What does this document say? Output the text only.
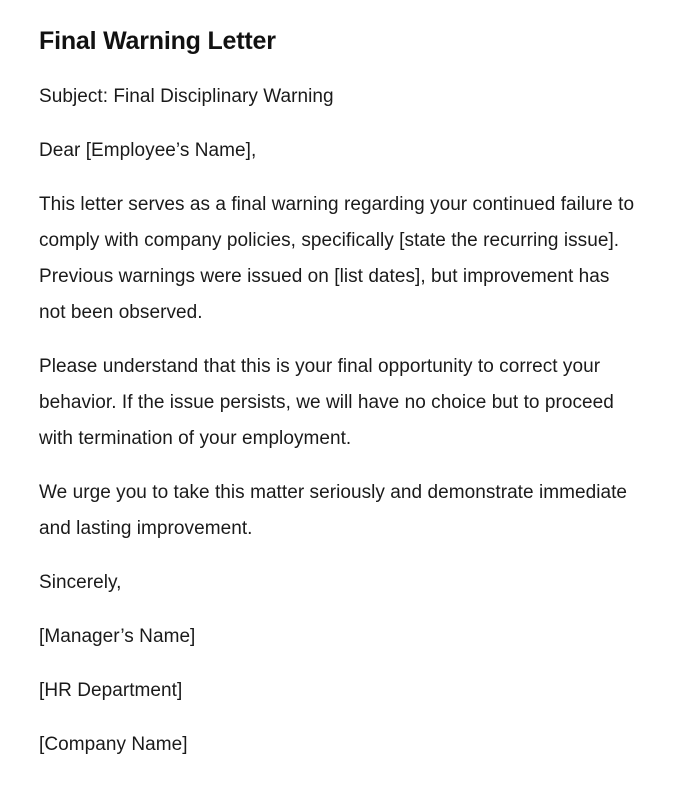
Final Warning Letter

Subject: Final Disciplinary Warning

Dear [Employee’s Name],

This letter serves as a final warning regarding your continued failure to comply with company policies, specifically [state the recurring issue]. Previous warnings were issued on [list dates], but improvement has not been observed.

Please understand that this is your final opportunity to correct your behavior. If the issue persists, we will have no choice but to proceed with termination of your employment.

We urge you to take this matter seriously and demonstrate immediate and lasting improvement.

Sincerely,

[Manager’s Name]

[HR Department]

[Company Name]
